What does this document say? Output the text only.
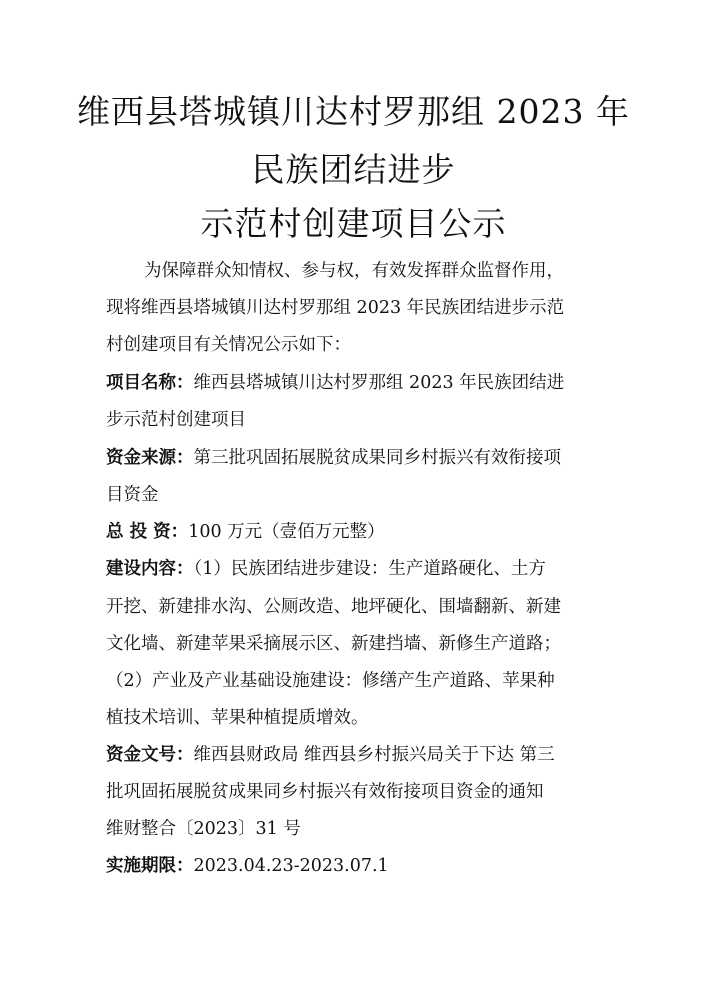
维西县塔城镇川达村罗那组 2023 年
民族团结进步
示范村创建项目公示
为保障群众知情权、参与权，有效发挥群众监督作用，
现将维西县塔城镇川达村罗那组 2023 年民族团结进步示范
村创建项目有关情况公示如下：
项目名称：维西县塔城镇川达村罗那组 2023 年民族团结进
步示范村创建项目
资金来源：第三批巩固拓展脱贫成果同乡村振兴有效衔接项
目资金
总 投 资：100 万元（壹佰万元整）
建设内容：（1）民族团结进步建设：生产道路硬化、土方
开挖、新建排水沟、公厕改造、地坪硬化、围墙翻新、新建
文化墙、新建苹果采摘展示区、新建挡墙、新修生产道路；
（2）产业及产业基础设施建设：修缮产生产道路、苹果种
植技术培训、苹果种植提质增效。
资金文号：维西县财政局 维西县乡村振兴局关于下达 第三
批巩固拓展脱贫成果同乡村振兴有效衔接项目资金的通知
维财整合〔2023〕31 号
实施期限：2023.04.23-2023.07.1
